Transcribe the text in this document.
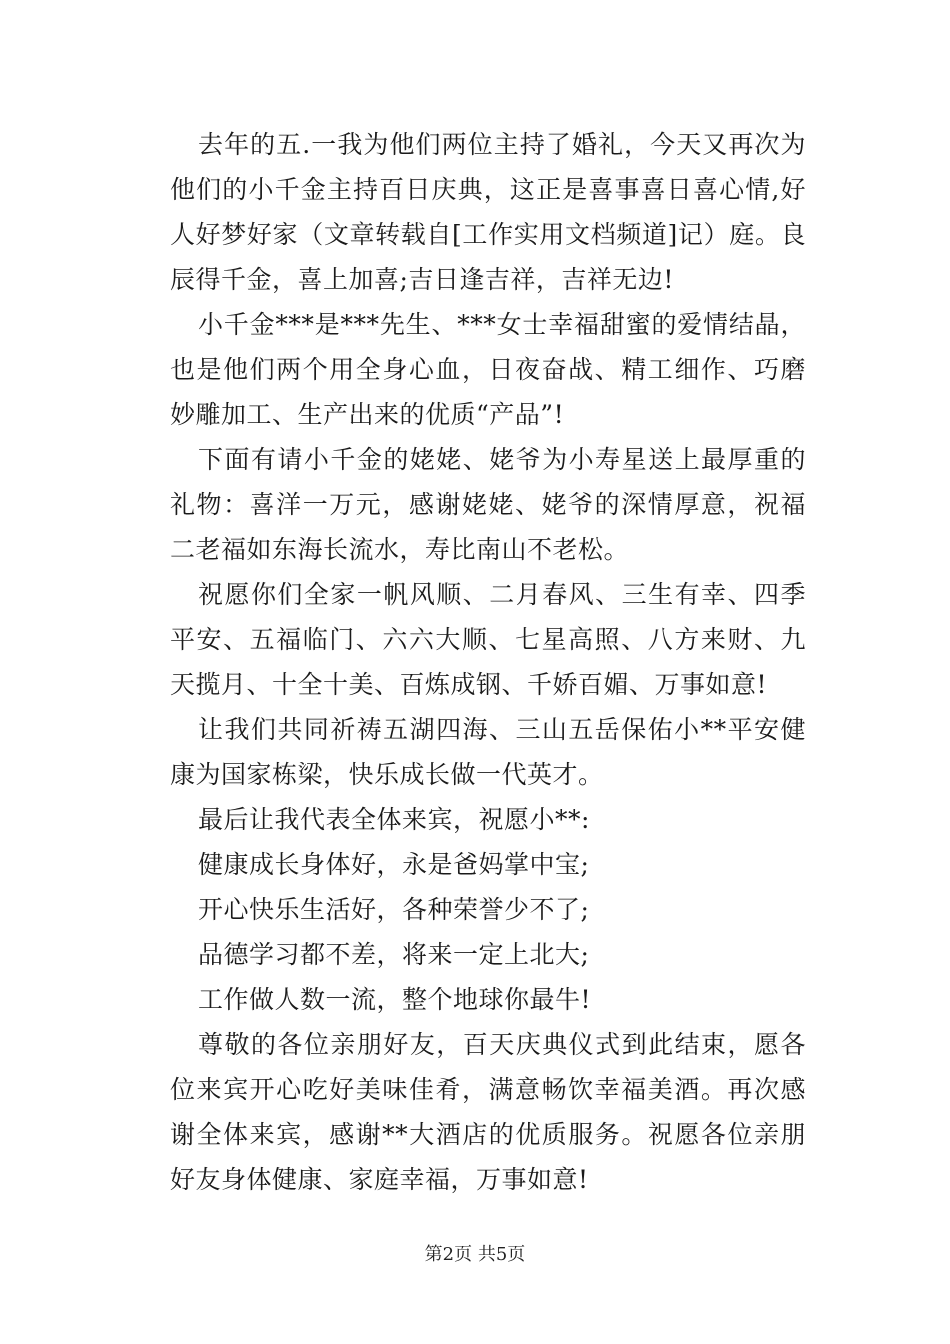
去年的五.一我为他们两位主持了婚礼，今天又再次为他们的小千金主持百日庆典，这正是喜事喜日喜心情,好人好梦好家（文章转载自[工作实用文档频道]记）庭。良辰得千金，喜上加喜;吉日逢吉祥，吉祥无边!

小千金***是***先生、***女士幸福甜蜜的爱情结晶，也是他们两个用全身心血，日夜奋战、精工细作、巧磨妙雕加工、生产出来的优质“产品”!

下面有请小千金的姥姥、姥爷为小寿星送上最厚重的礼物：喜洋一万元，感谢姥姥、姥爷的深情厚意，祝福二老福如东海长流水，寿比南山不老松。

祝愿你们全家一帆风顺、二月春风、三生有幸、四季平安、五福临门、六六大顺、七星高照、八方来财、九天揽月、十全十美、百炼成钢、千娇百媚、万事如意!

让我们共同祈祷五湖四海、三山五岳保佑小**平安健康为国家栋梁，快乐成长做一代英才。

最后让我代表全体来宾，祝愿小**:

健康成长身体好，永是爸妈掌中宝;

开心快乐生活好，各种荣誉少不了;

品德学习都不差，将来一定上北大;

工作做人数一流，整个地球你最牛!

尊敬的各位亲朋好友，百天庆典仪式到此结束，愿各位来宾开心吃好美味佳肴，满意畅饮幸福美酒。再次感谢全体来宾，感谢**大酒店的优质服务。祝愿各位亲朋好友身体健康、家庭幸福，万事如意!

第2页 共5页
